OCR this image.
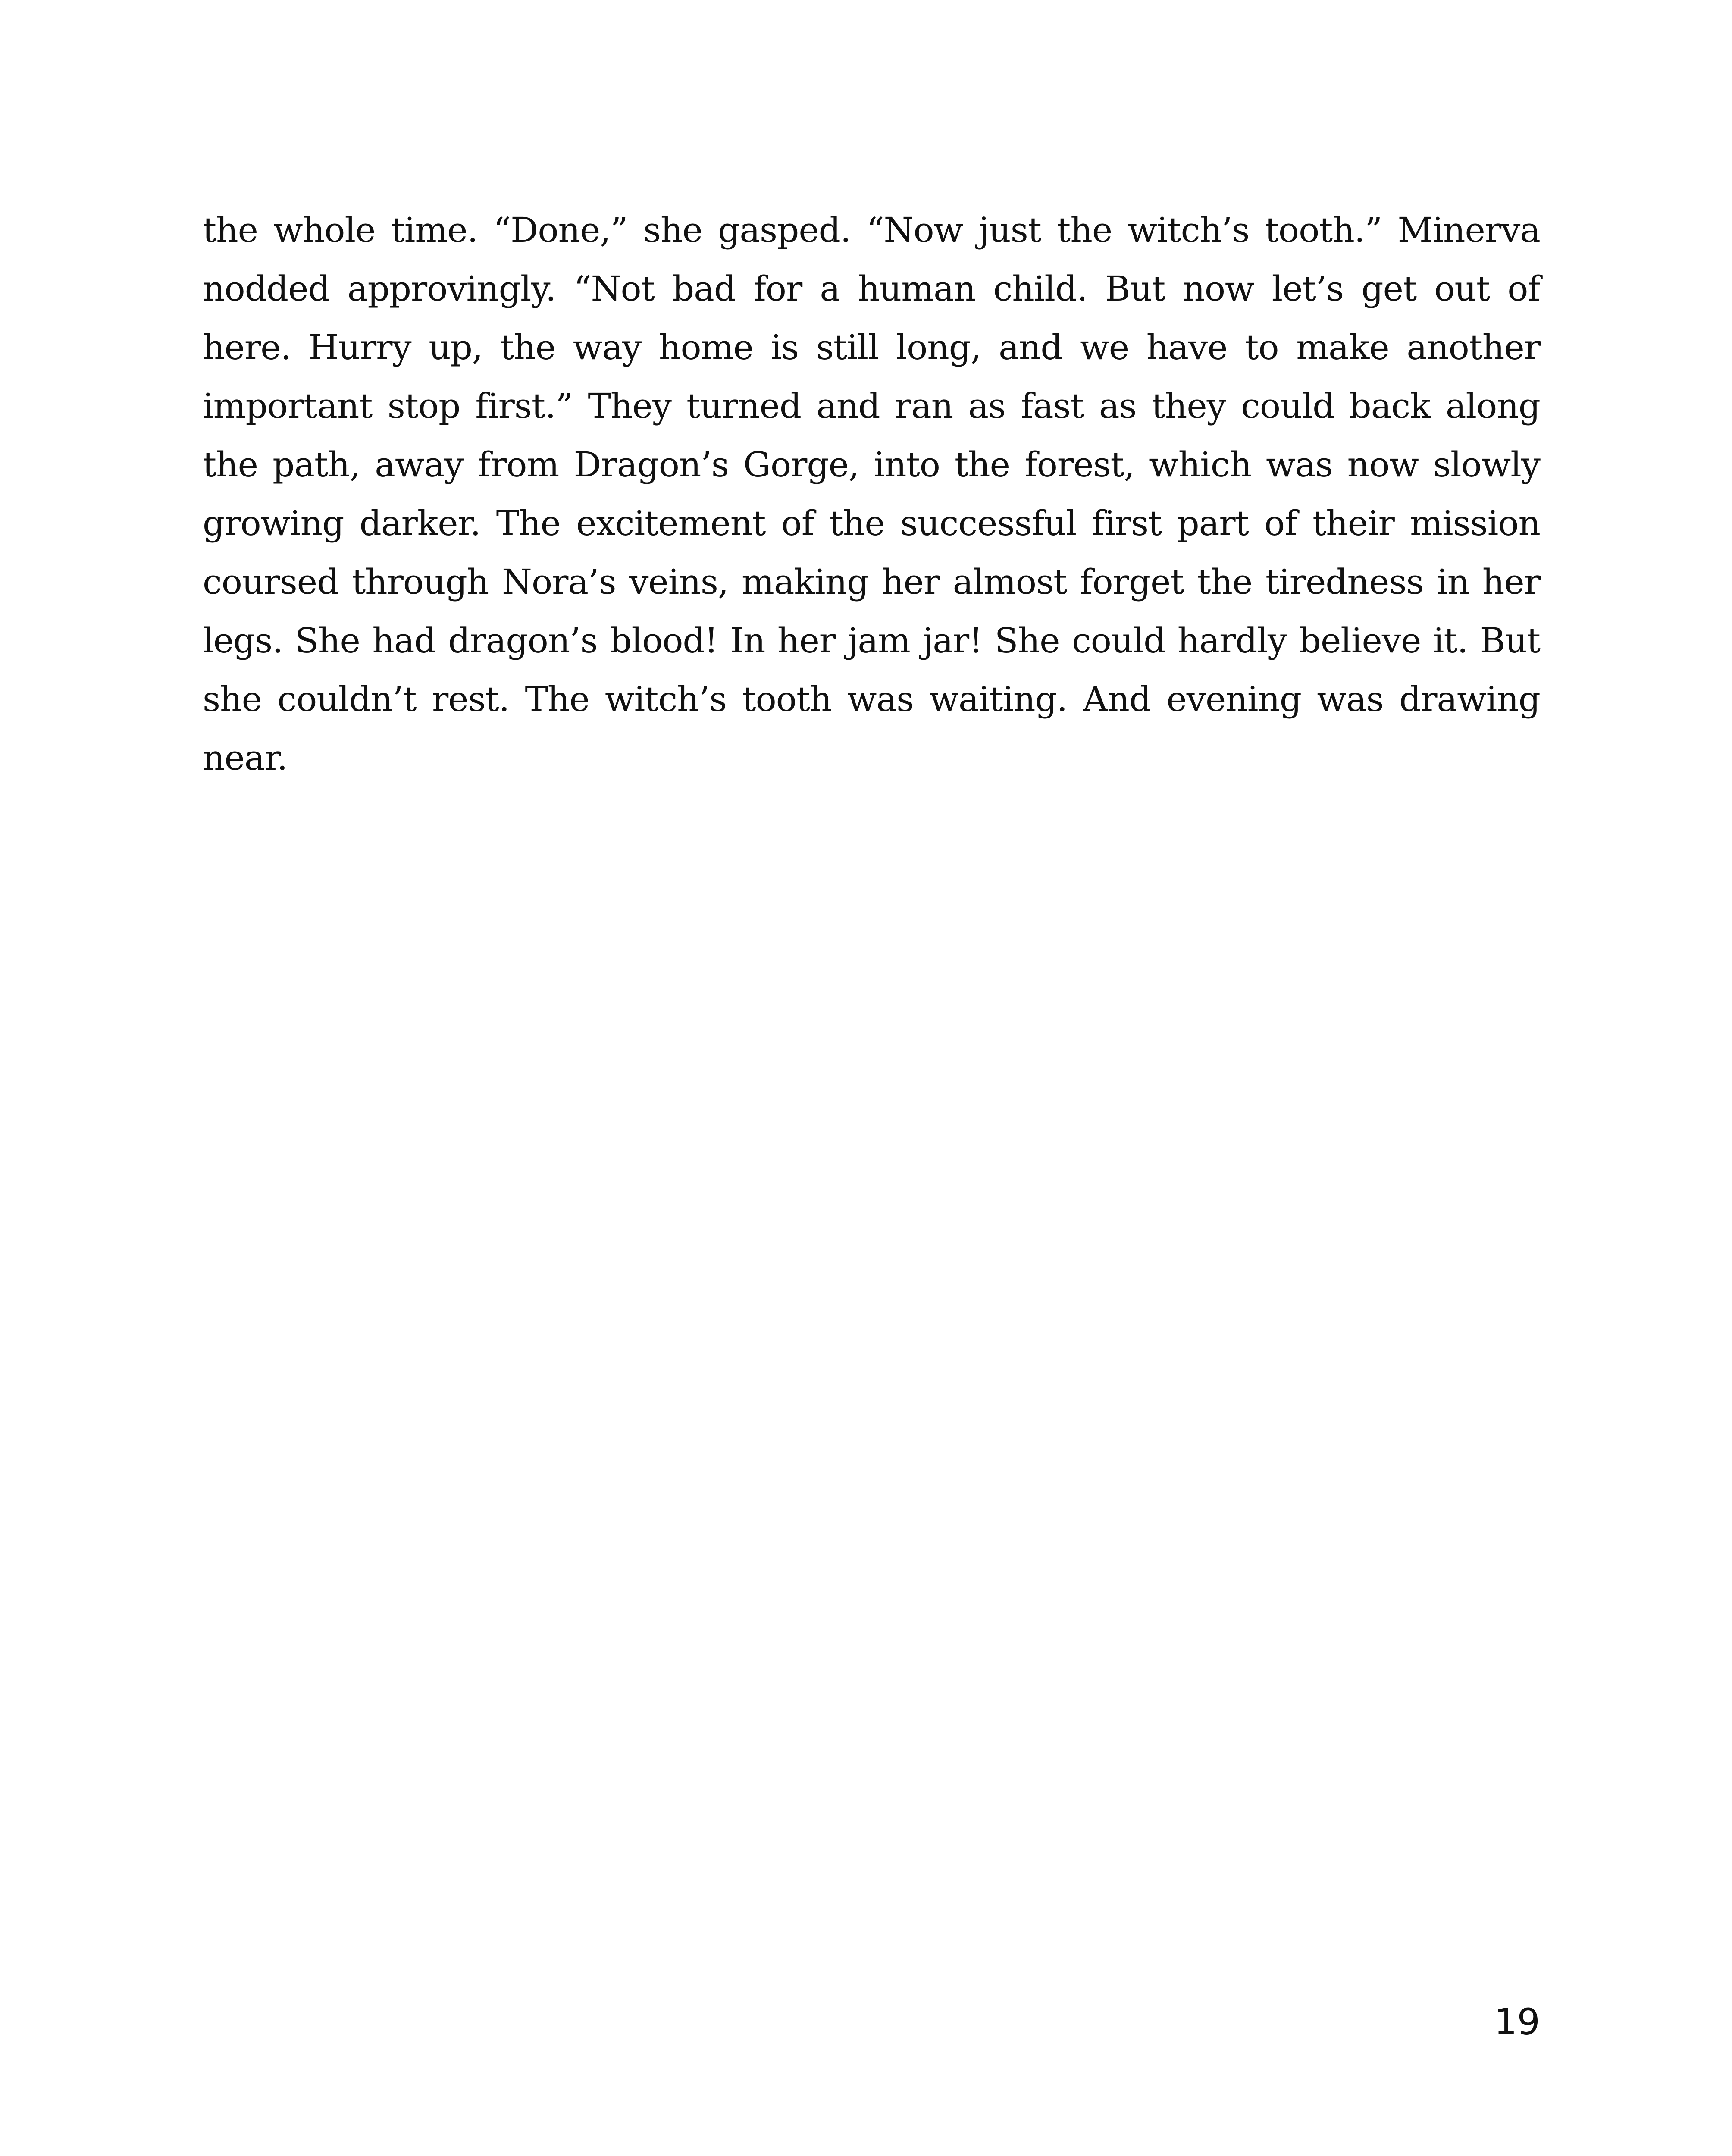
the whole time. “Done,” she gasped. “Now just the witch’s tooth.” Minerva nodded approvingly. “Not bad for a human child. But now let’s get out of here. Hurry up, the way home is still long, and we have to make another important stop first.” They turned and ran as fast as they could back along the path, away from Dragon’s Gorge, into the forest, which was now slowly growing darker. The excitement of the successful first part of their mission coursed through Nora’s veins, making her almost forget the tiredness in her legs. She had dragon’s blood! In her jam jar! She could hardly believe it. But she couldn’t rest. The witch’s tooth was waiting. And evening was drawing near.

19
